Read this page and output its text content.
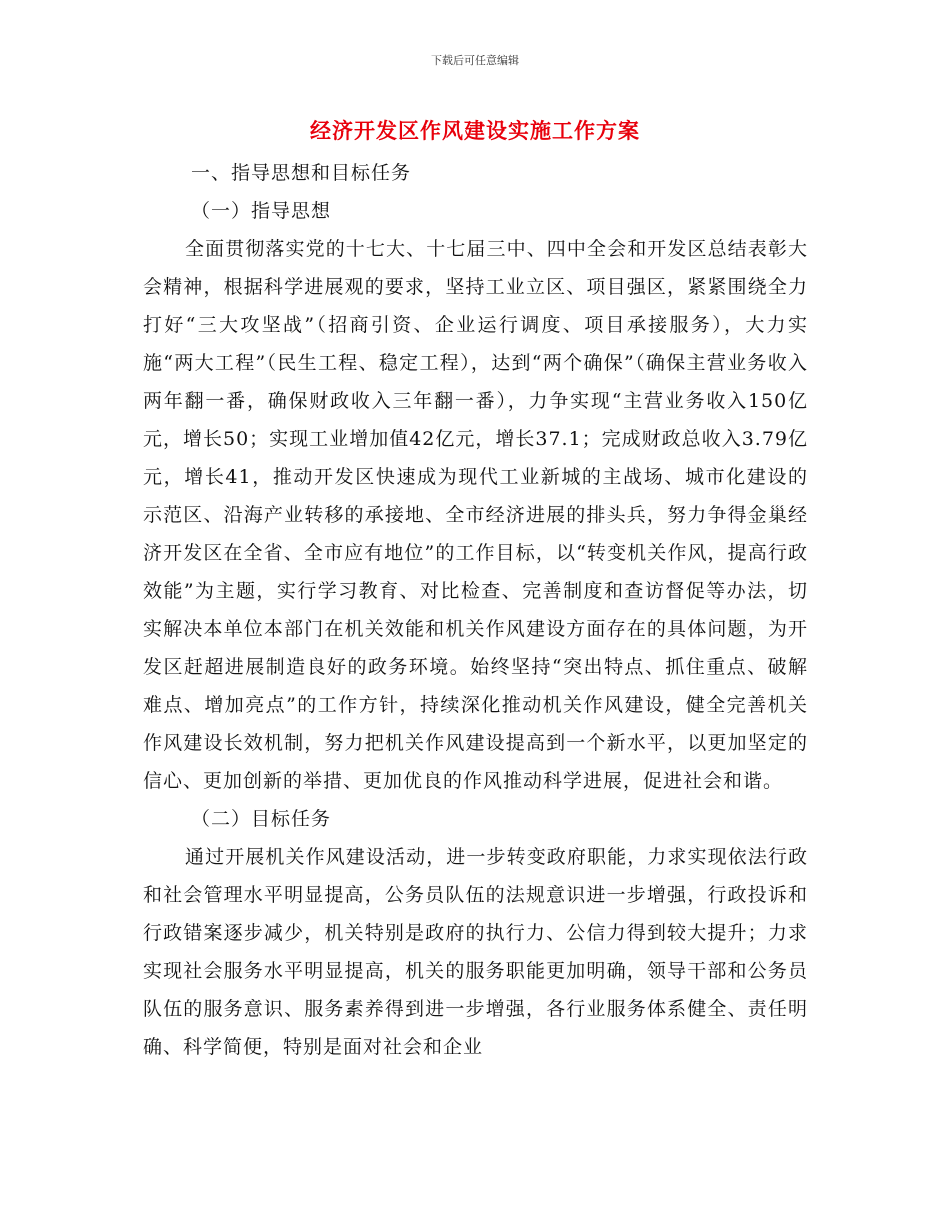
下载后可任意编辑
经济开发区作风建设实施工作方案

一、指导思想和目标任务

（一）指导思想

全面贯彻落实党的十七大、十七届三中、四中全会和开发区总结表彰大会精神，根据科学进展观的要求，坚持工业立区、项目强区，紧紧围绕全力打好“三大攻坚战”（招商引资、企业运行调度、项目承接服务），大力实施“两大工程”（民生工程、稳定工程），达到“两个确保”（确保主营业务收入两年翻一番，确保财政收入三年翻一番），力争实现“主营业务收入150亿元，增长50；实现工业增加值42亿元，增长37.1；完成财政总收入3.79亿元，增长41，推动开发区快速成为现代工业新城的主战场、城市化建设的示范区、沿海产业转移的承接地、全市经济进展的排头兵，努力争得金巢经济开发区在全省、全市应有地位”的工作目标，以“转变机关作风，提高行政效能”为主题，实行学习教育、对比检查、完善制度和查访督促等办法，切实解决本单位本部门在机关效能和机关作风建设方面存在的具体问题，为开发区赶超进展制造良好的政务环境。始终坚持“突出特点、抓住重点、破解难点、增加亮点”的工作方针，持续深化推动机关作风建设，健全完善机关作风建设长效机制，努力把机关作风建设提高到一个新水平，以更加坚定的信心、更加创新的举措、更加优良的作风推动科学进展，促进社会和谐。

（二）目标任务

通过开展机关作风建设活动，进一步转变政府职能，力求实现依法行政和社会管理水平明显提高，公务员队伍的法规意识进一步增强，行政投诉和行政错案逐步减少，机关特别是政府的执行力、公信力得到较大提升；力求实现社会服务水平明显提高，机关的服务职能更加明确，领导干部和公务员队伍的服务意识、服务素养得到进一步增强，各行业服务体系健全、责任明确、科学简便，特别是面对社会和企业
